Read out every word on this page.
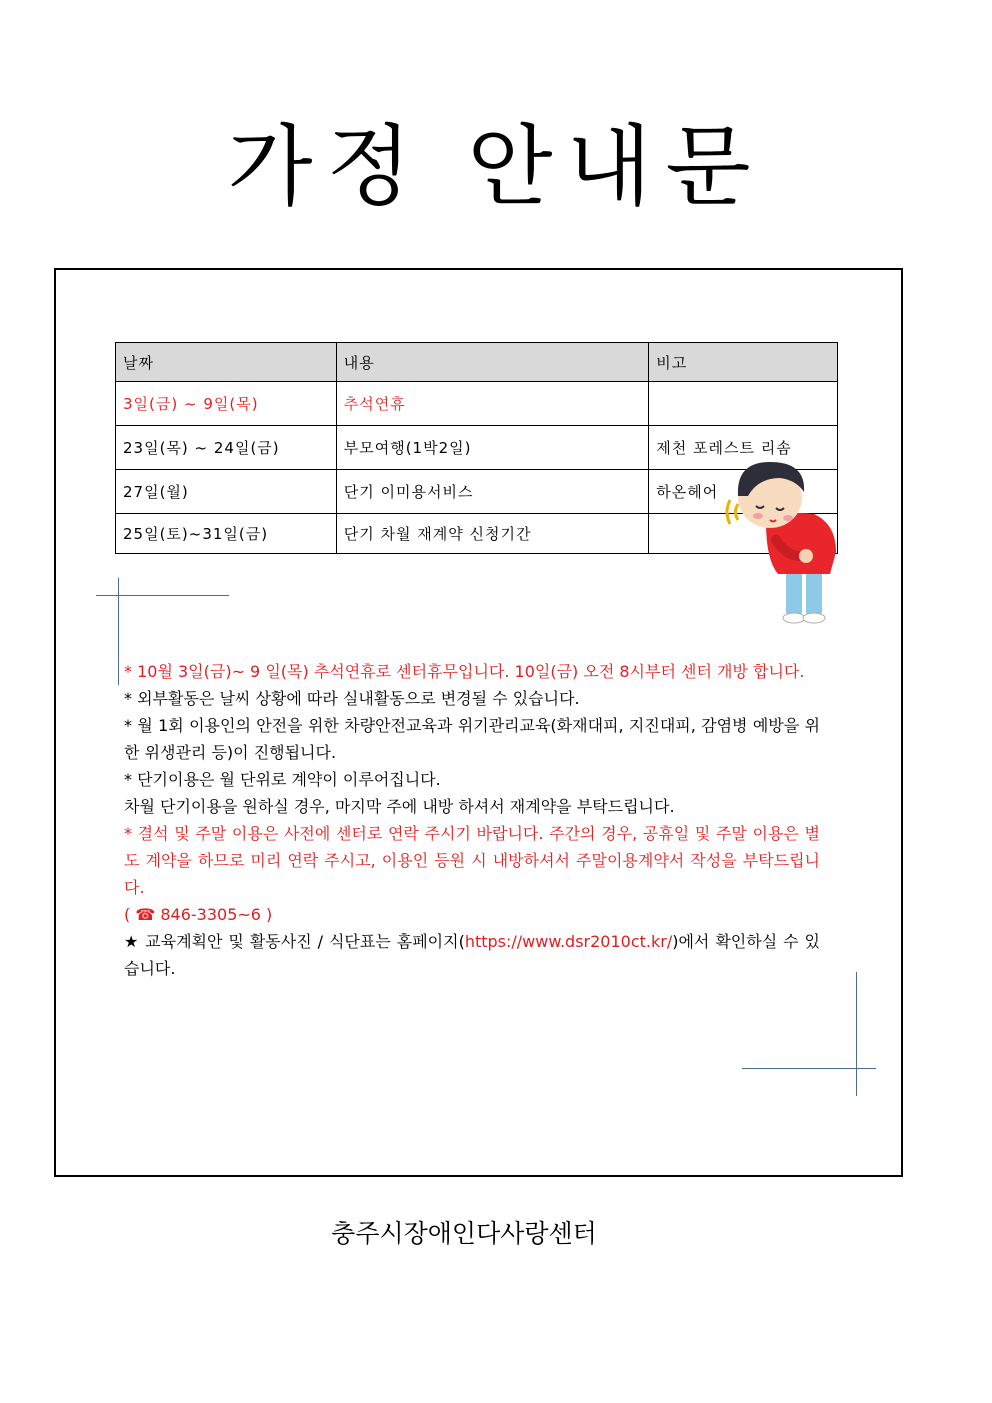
가정 안내문
날짜	내용	비고
3일(금) ~ 9일(목)	추석연휴	
23일(목) ~ 24일(금)	부모여행(1박2일)	제천 포레스트 리솜
27일(월)	단기 이미용서비스	하온헤어
25일(토)~31일(금)	단기 차월 재계약 신청기간	

* 10월 3일(금)~ 9 일(목) 추석연휴로 센터휴무입니다. 10일(금) 오전 8시부터 센터 개방 합니다.

* 외부활동은 날씨 상황에 따라 실내활동으로 변경될 수 있습니다.

* 월 1회 이용인의 안전을 위한 차량안전교육과 위기관리교육(화재대피, 지진대피, 감염병 예방을 위한 위생관리 등)이 진행됩니다.

* 단기이용은 월 단위로 계약이 이루어집니다.

차월 단기이용을 원하실 경우, 마지막 주에 내방 하셔서 재계약을 부탁드립니다.

* 결석 및 주말 이용은 사전에 센터로 연락 주시기 바랍니다. 주간의 경우, 공휴일 및 주말 이용은 별도 계약을 하므로 미리 연락 주시고, 이용인 등원 시 내방하셔서 주말이용계약서 작성을 부탁드립니다.

( ☎ 846-3305~6 )

★ 교육계획안 및 활동사진 / 식단표는 홈페이지(https://www.dsr2010ct.kr/)에서 확인하실 수 있습니다.

충주시장애인다사랑센터
